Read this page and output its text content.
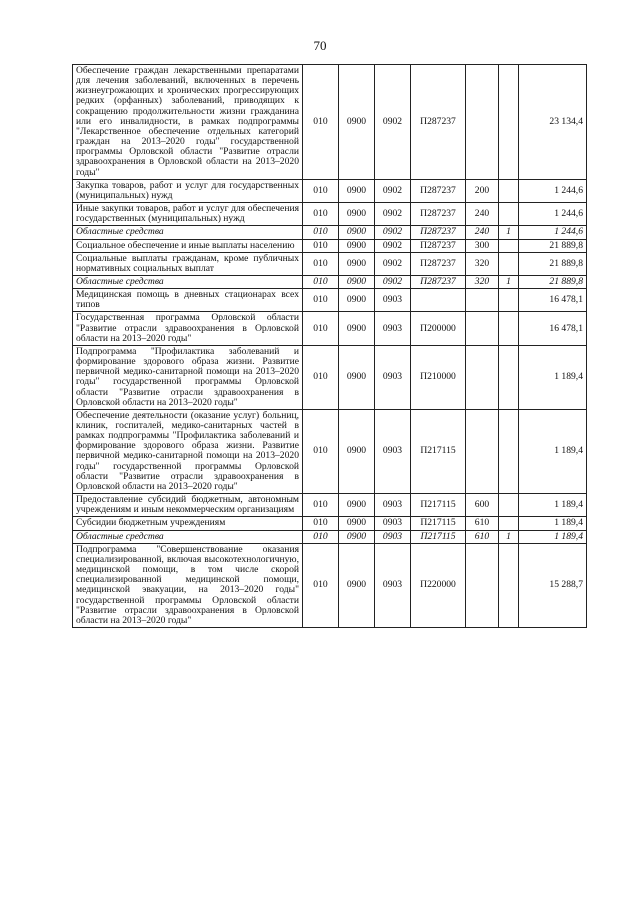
70
Обеспечение граждан лекарственными препаратами для лечения заболеваний, включенных в перечень жизнеугрожающих и хронических прогрессирующих редких (орфанных) заболеваний, приводящих к сокращению продолжительности жизни гражданина или его инвалидности, в рамках подпрограммы "Лекарственное обеспечение отдельных категорий граждан на 2013–2020 годы" государственной программы Орловской области "Развитие отрасли здравоохранения в Орловской области на 2013–2020 годы"	010	0900	0902	П287237			23 134,4
Закупка товаров, работ и услуг для государственных (муниципальных) нужд	010	0900	0902	П287237	200		1 244,6
Иные закупки товаров, работ и услуг для обеспечения государственных (муниципальных) нужд	010	0900	0902	П287237	240		1 244,6
Областные средства	010	0900	0902	П287237	240	1	1 244,6
Социальное обеспечение и иные выплаты населению	010	0900	0902	П287237	300		21 889,8
Социальные выплаты гражданам, кроме публичных нормативных социальных выплат	010	0900	0902	П287237	320		21 889,8
Областные средства	010	0900	0902	П287237	320	1	21 889,8
Медицинская помощь в дневных стационарах всех типов	010	0900	0903				16 478,1
Государственная программа Орловской области "Развитие отрасли здравоохранения в Орловской области на 2013–2020 годы"	010	0900	0903	П200000			16 478,1
Подпрограмма "Профилактика заболеваний и формирование здорового образа жизни. Развитие первичной медико-санитарной помощи на 2013–2020 годы" государственной программы Орловской области "Развитие отрасли здравоохранения в Орловской области на 2013–2020 годы"	010	0900	0903	П210000			1 189,4
Обеспечение деятельности (оказание услуг) больниц, клиник, госпиталей, медико-санитарных частей в рамках подпрограммы "Профилактика заболеваний и формирование здорового образа жизни. Развитие первичной медико-санитарной помощи на 2013–2020 годы" государственной программы Орловской области "Развитие отрасли здравоохранения в Орловской области на 2013–2020 годы"	010	0900	0903	П217115			1 189,4
Предоставление субсидий бюджетным, автономным учреждениям и иным некоммерческим организациям	010	0900	0903	П217115	600		1 189,4
Субсидии бюджетным учреждениям	010	0900	0903	П217115	610		1 189,4
Областные средства	010	0900	0903	П217115	610	1	1 189,4
Подпрограмма "Совершенствование оказания специализированной, включая высокотехнологичную, медицинской помощи, в том числе скорой специализированной медицинской помощи, медицинской эвакуации, на 2013–2020 годы" государственной программы Орловской области "Развитие отрасли здравоохранения в Орловской области на 2013–2020 годы"	010	0900	0903	П220000			15 288,7
